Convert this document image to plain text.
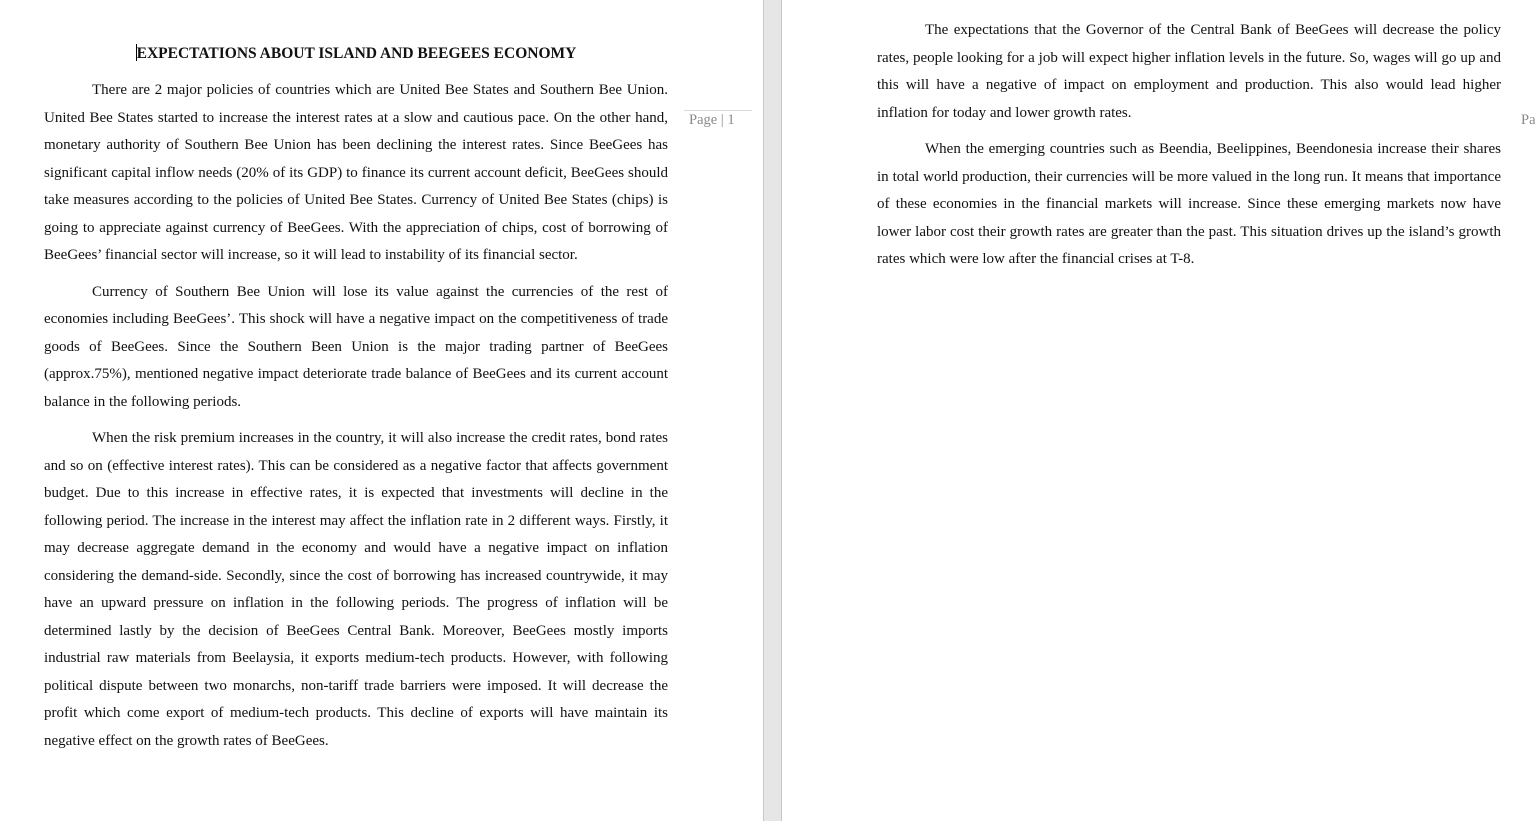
EXPECTATIONS ABOUT ISLAND AND BEEGEES ECONOMY

There are 2 major policies of countries which are United Bee States and Southern Bee Union. United Bee States started to increase the interest rates at a slow and cautious pace. On the other hand, monetary authority of Southern Bee Union has been declining the interest rates. Since BeeGees has significant capital inflow needs (20% of its GDP) to finance its current account deficit, BeeGees should take measures according to the policies of United Bee States. Currency of United Bee States (chips) is going to appreciate against currency of BeeGees. With the appreciation of chips, cost of borrowing of BeeGees’ financial sector will increase, so it will lead to instability of its financial sector.

Currency of Southern Bee Union will lose its value against the currencies of the rest of economies including BeeGees’. This shock will have a negative impact on the competitiveness of trade goods of BeeGees. Since the Southern Been Union is the major trading partner of BeeGees (approx.75%), mentioned negative impact deteriorate trade balance of BeeGees and its current account balance in the following periods.

When the risk premium increases in the country, it will also increase the credit rates, bond rates and so on (effective interest rates). This can be considered as a negative factor that affects government budget. Due to this increase in effective rates, it is expected that investments will decline in the following period. The increase in the interest may affect the inflation rate in 2 different ways. Firstly, it may decrease aggregate demand in the economy and would have a negative impact on inflation considering the demand-side. Secondly, since the cost of borrowing has increased countrywide, it may have an upward pressure on inflation in the following periods. The progress of inflation will be determined lastly by the decision of BeeGees Central Bank. Moreover, BeeGees mostly imports industrial raw materials from Beelaysia, it exports medium-tech products. However, with following political dispute between two monarchs, non-tariff trade barriers were imposed. It will decrease the profit which come export of medium-tech products. This decline of exports will have maintain its negative effect on the growth rates of BeeGees.

Page | 1

The expectations that the Governor of the Central Bank of BeeGees will decrease the policy rates, people looking for a job will expect higher inflation levels in the future. So, wages will go up and this will have a negative of impact on employment and production. This also would lead higher inflation for today and lower growth rates.

When the emerging countries such as Beendia, Beelippines, Beendonesia increase their shares in total world production, their currencies will be more valued in the long run. It means that importance of these economies in the financial markets will increase. Since these emerging markets now have lower labor cost their growth rates are greater than the past. This situation drives up the island’s growth rates which were low after the financial crises at T-8.

Pa
